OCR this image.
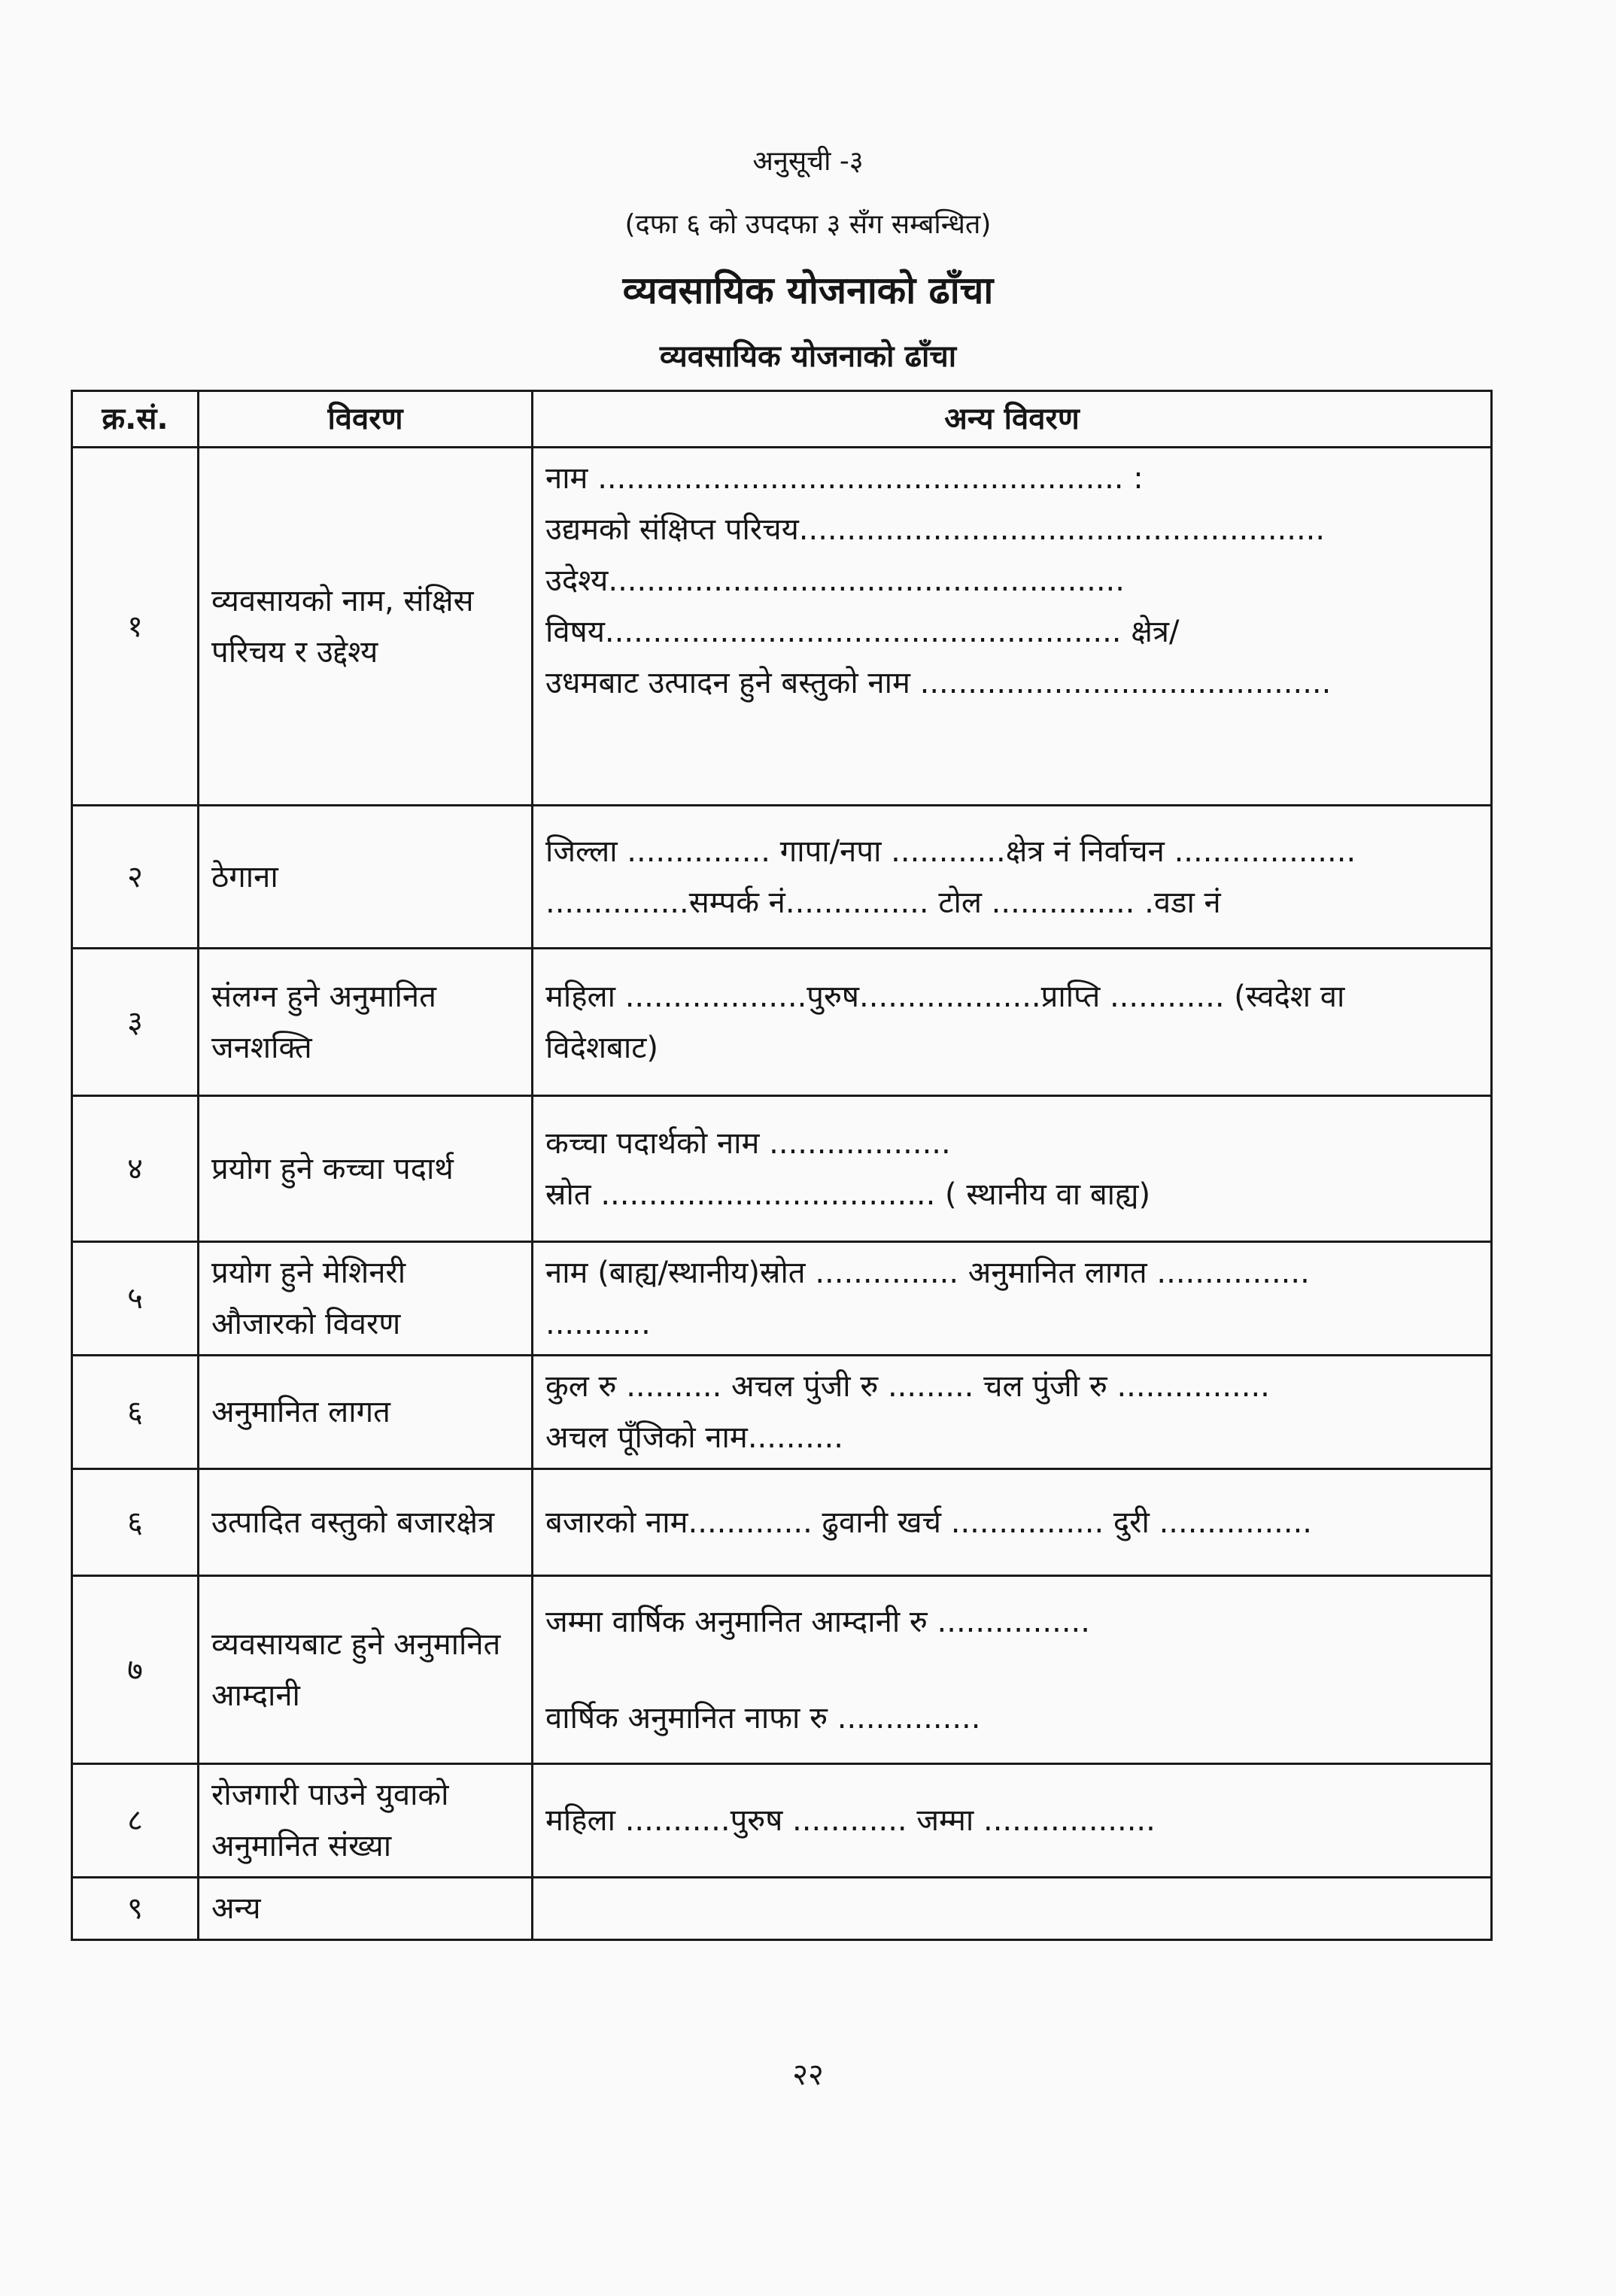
अनुसूची -३
(दफा ६ को उपदफा ३ सँग सम्बन्धित)
व्यवसायिक योजनाको ढाँचा
व्यवसायिक योजनाको ढाँचा
क्र.सं.	विवरण	अन्य विवरण
१	व्यवसायको नाम, संक्षिस परिचय र उद्देश्य	नाम ....................................................... :
उद्यमको संक्षिप्त परिचय.......................................................
उदेश्य......................................................
विषय...................................................... क्षेत्र/
उधमबाट उत्पादन हुने बस्तुको नाम ...........................................

२	ठेगाना	जिल्ला ............... गापा/नपा ............क्षेत्र नं निर्वाचन ...................
...............सम्पर्क नं............... टोल ............... .वडा नं

३	संलग्न हुने अनुमानित जनशक्ति	महिला ...................पुरुष...................प्राप्ति ............ (स्वदेश वा
विदेशबाट)

४	प्रयोग हुने कच्चा पदार्थ	कच्चा पदार्थको नाम ...................
स्रोत ................................... ( स्थानीय वा बाह्य)

५	प्रयोग हुने मेशिनरी औजारको विवरण	नाम (बाह्य/स्थानीय)स्रोत ............... अनुमानित लागत ................
...........

६	अनुमानित लागत	कुल रु .......... अचल पुंजी रु ......... चल पुंजी रु ................
अचल पूँजिको नाम..........

६	उत्पादित वस्तुको बजारक्षेत्र	बजारको नाम............. ढुवानी खर्च ................ दुरी ................

७	व्यवसायबाट हुने अनुमानित आम्दानी	जम्मा वार्षिक अनुमानित आम्दानी रु ................
वार्षिक अनुमानित नाफा रु ...............

८	रोजगारी पाउने युवाको अनुमानित संख्या	महिला ...........पुरुष ............ जम्मा ..................

९	अन्य	
२२
